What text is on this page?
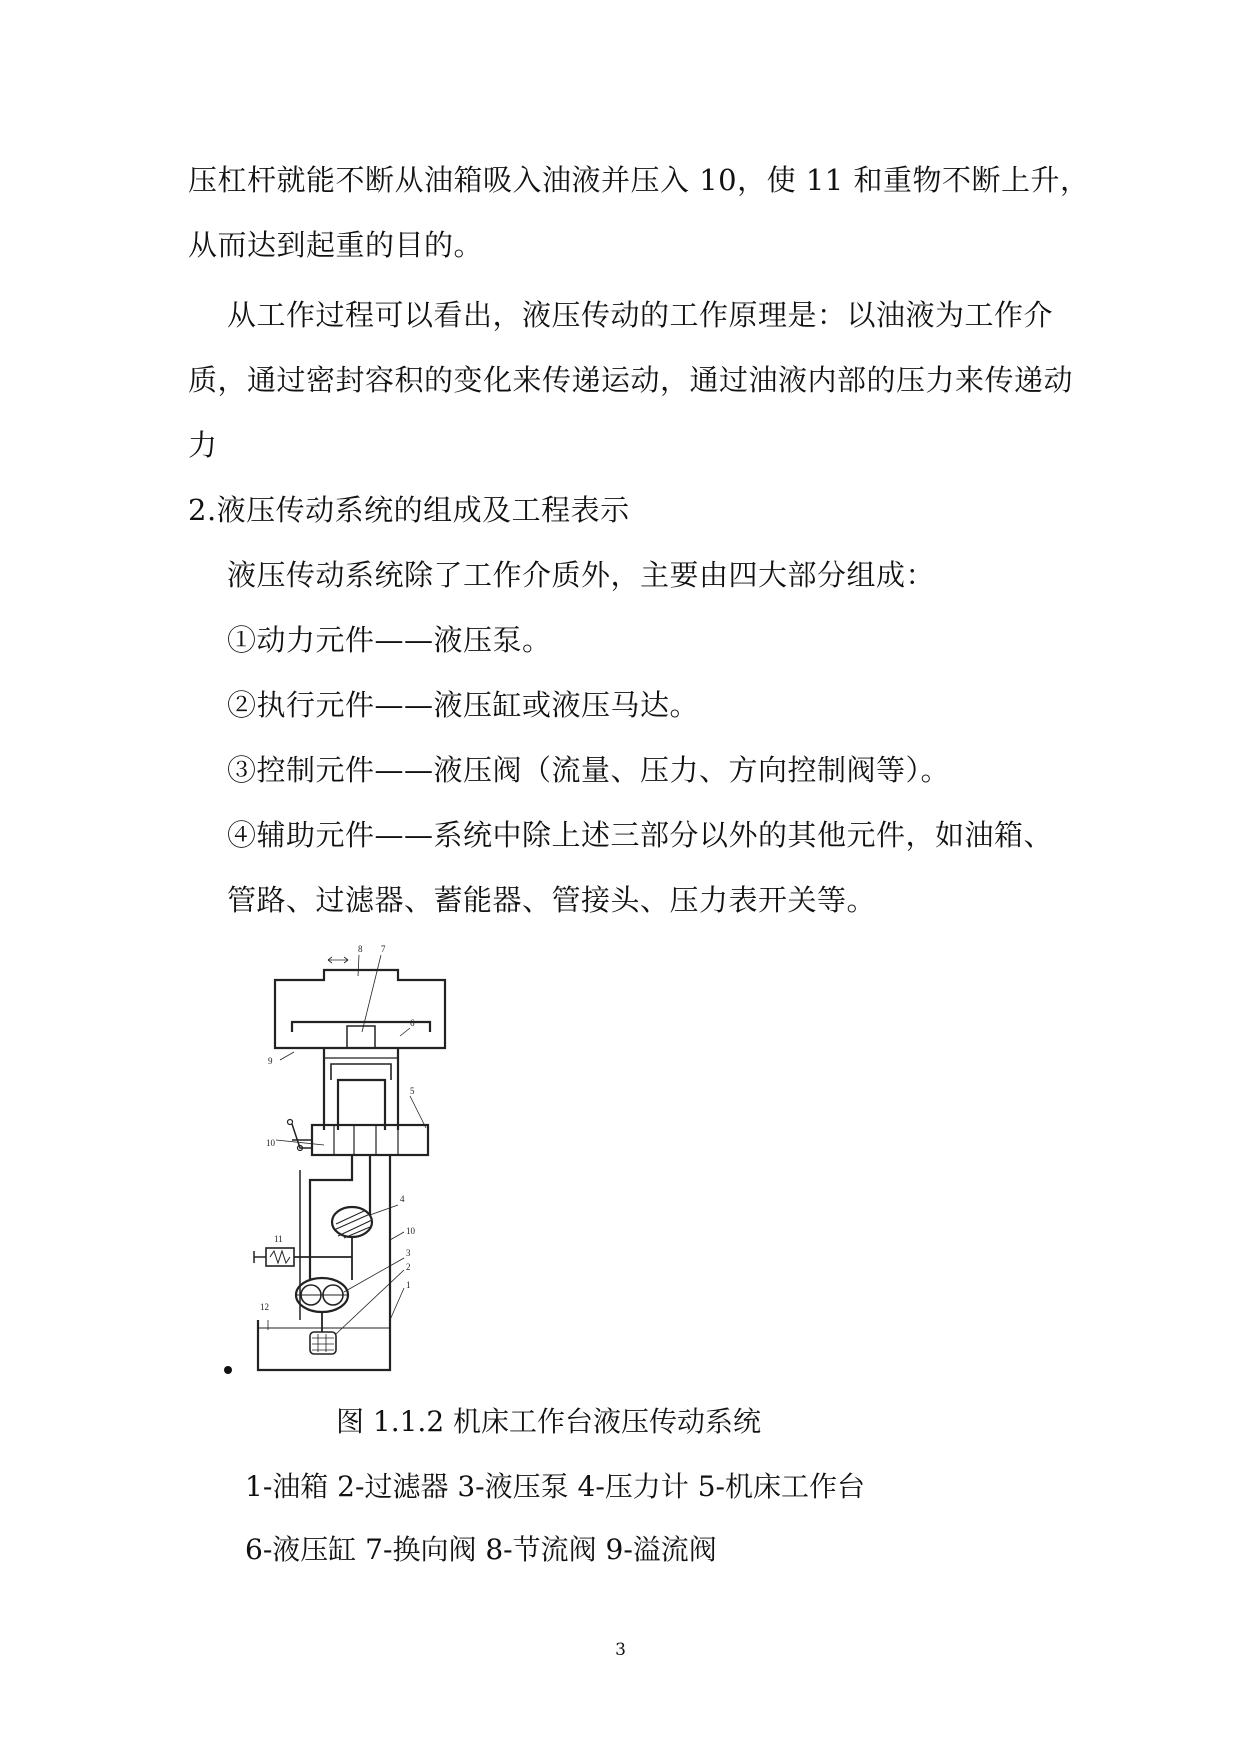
压杠杆就能不断从油箱吸入油液并压入 10，使 11 和重物不断上升，
从而达到起重的目的。
从工作过程可以看出，液压传动的工作原理是：以油液为工作介
质，通过密封容积的变化来传递运动，通过油液内部的压力来传递动
力
2.液压传动系统的组成及工程表示
液压传动系统除了工作介质外，主要由四大部分组成：
①动力元件——液压泵。
②执行元件——液压缸或液压马达。
③控制元件——液压阀（流量、压力、方向控制阀等）。
④辅助元件——系统中除上述三部分以外的其他元件，如油箱、
管路、过滤器、蓄能器、管接头、压力表开关等。
8 7
6
9
5
10
4
11
10
3
2
12
1
图 1.1.2 机床工作台液压传动系统
1-油箱 2-过滤器 3-液压泵 4-压力计 5-机床工作台
6-液压缸 7-换向阀 8-节流阀 9-溢流阀
3
